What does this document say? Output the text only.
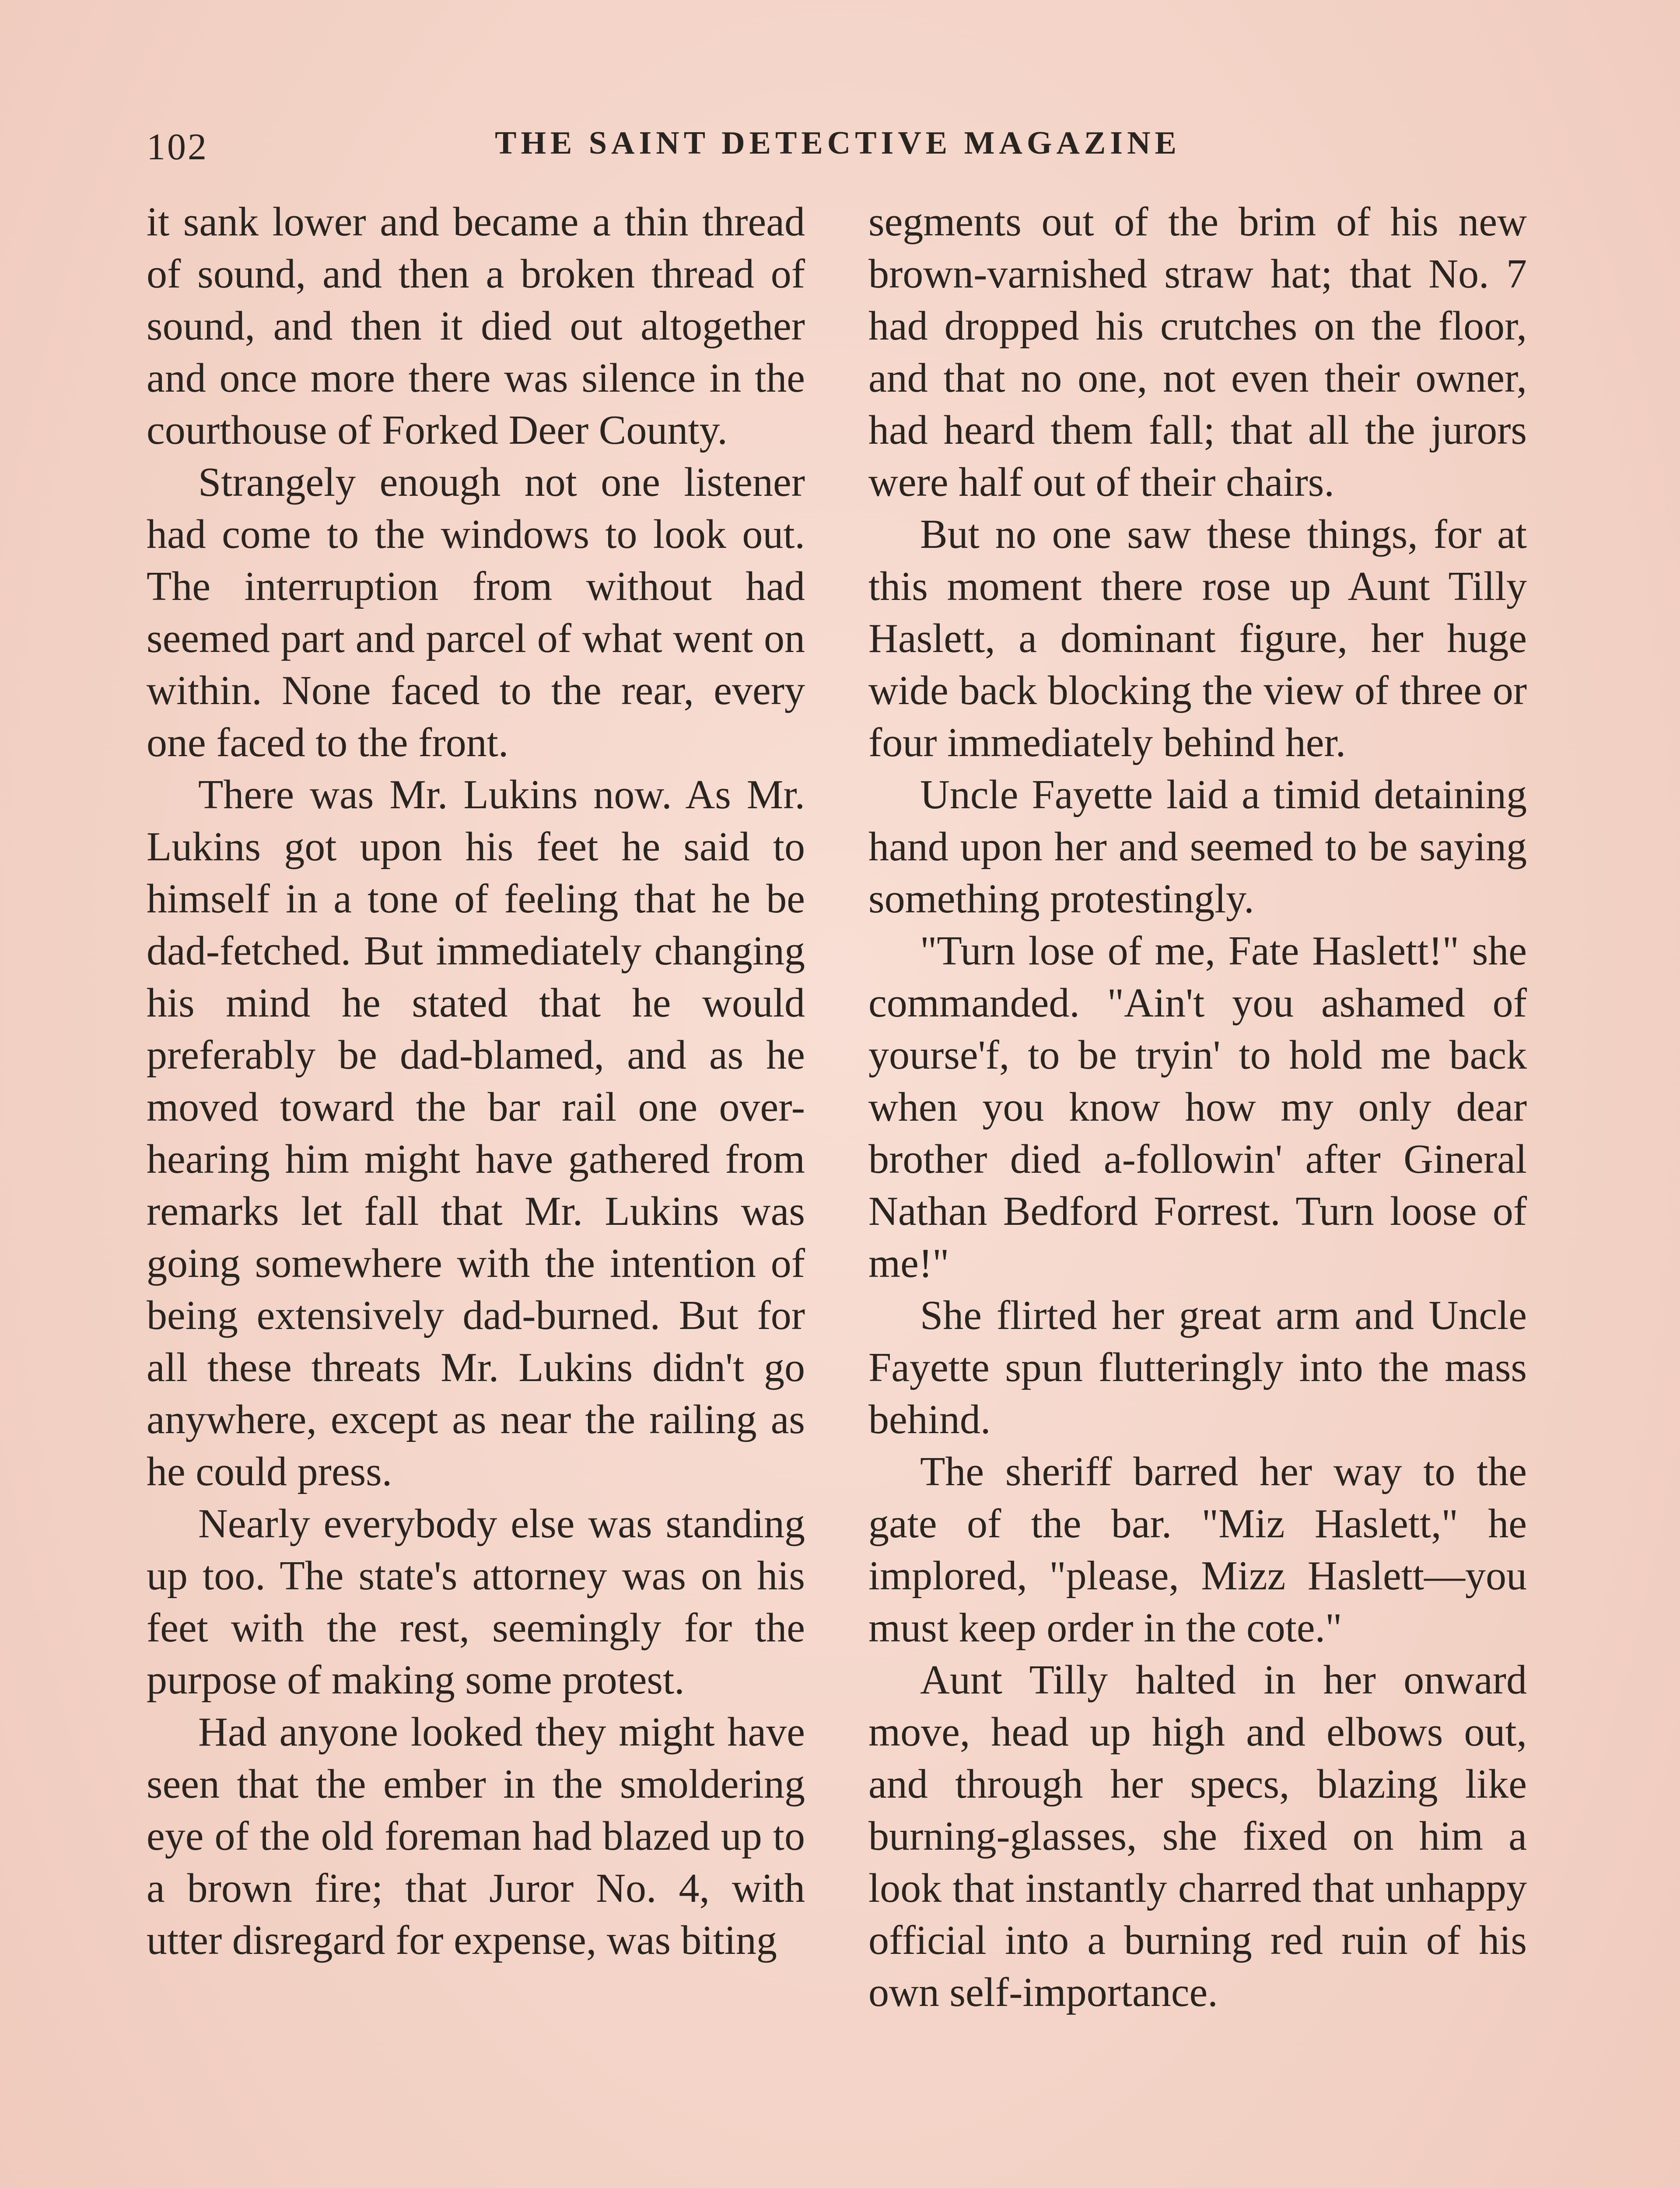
102	THE SAINT DETECTIVE MAGAZINE

it sank lower and became a thin thread of sound, and then a broken thread of sound, and then it died out altogether and once more there was silence in the courthouse of Forked Deer County.

Strangely enough not one listener had come to the windows to look out. The interruption from without had seemed part and parcel of what went on within. None faced to the rear, every one faced to the front.

There was Mr. Lukins now. As Mr. Lukins got upon his feet he said to himself in a tone of feeling that he be dad-fetched. But immediately changing his mind he stated that he would preferably be dad-blamed, and as he moved toward the bar rail one over-hearing him might have gathered from remarks let fall that Mr. Lukins was going somewhere with the intention of being extensively dad-burned. But for all these threats Mr. Lukins didn't go anywhere, except as near the railing as he could press.

Nearly everybody else was standing up too. The state's attorney was on his feet with the rest, seemingly for the purpose of making some protest.

Had anyone looked they might have seen that the ember in the smoldering eye of the old foreman had blazed up to a brown fire; that Juror No. 4, with utter disregard for expense, was biting

segments out of the brim of his new brown-varnished straw hat; that No. 7 had dropped his crutches on the floor, and that no one, not even their owner, had heard them fall; that all the jurors were half out of their chairs.

But no one saw these things, for at this moment there rose up Aunt Tilly Haslett, a dominant figure, her huge wide back blocking the view of three or four immediately behind her.

Uncle Fayette laid a timid detaining hand upon her and seemed to be saying something protestingly.

"Turn lose of me, Fate Haslett!" she commanded. "Ain't you ashamed of yourse'f, to be tryin' to hold me back when you know how my only dear brother died a-followin' after Gineral Nathan Bedford Forrest. Turn loose of me!"

She flirted her great arm and Uncle Fayette spun flutteringly into the mass behind.

The sheriff barred her way to the gate of the bar. "Miz Haslett," he implored, "please, Mizz Haslett—you must keep order in the cote."

Aunt Tilly halted in her onward move, head up high and elbows out, and through her specs, blazing like burning-glasses, she fixed on him a look that instantly charred that unhappy official into a burning red ruin of his own self-importance.
